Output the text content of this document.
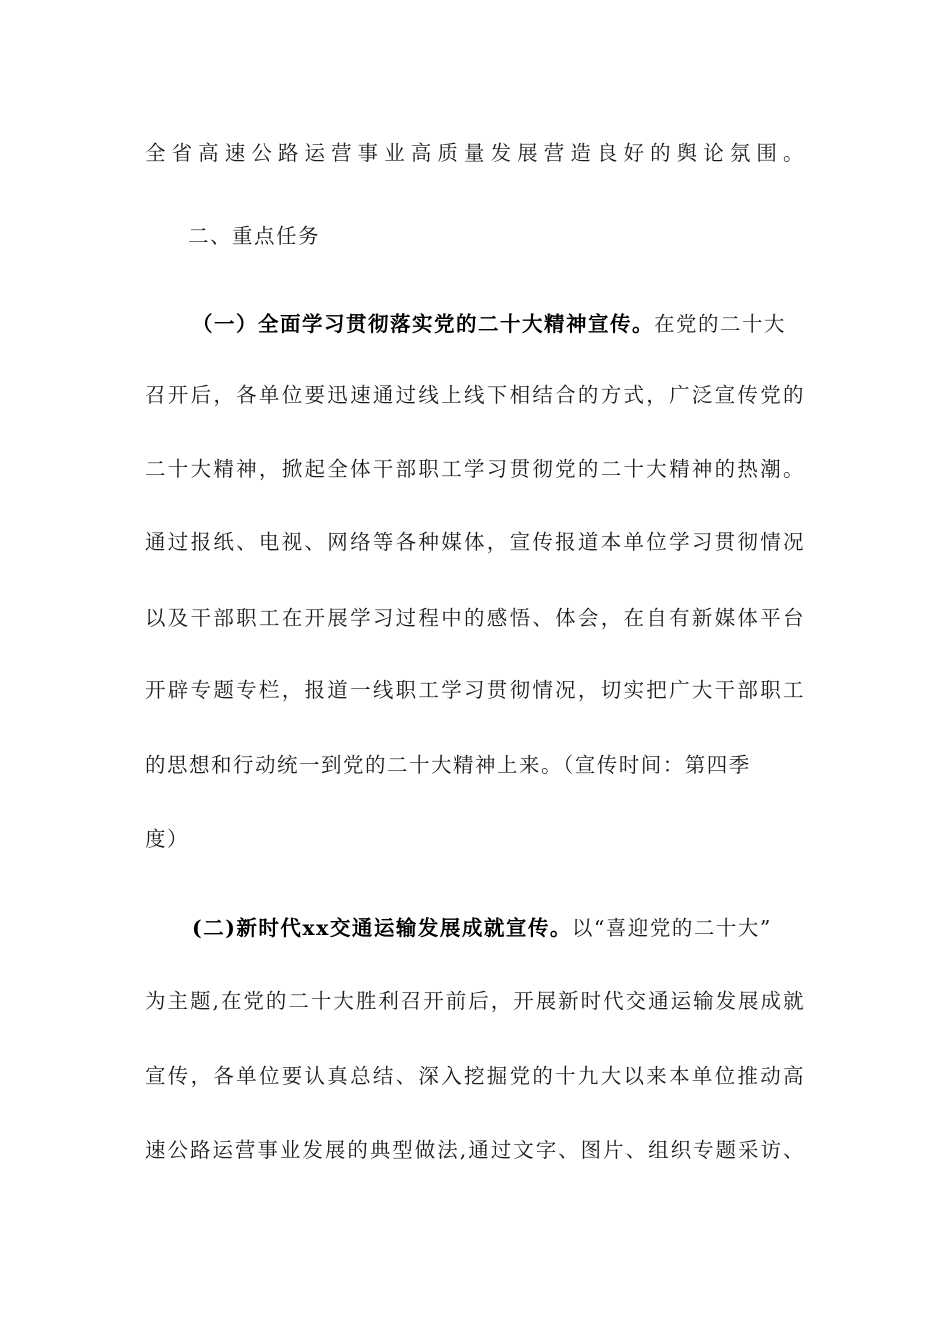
全省高速公路运营事业高质量发展营造良好的舆论氛围。
二、重点任务
（一）全面学习贯彻落实党的二十大精神宣传。在党的二十大
召开后，各单位要迅速通过线上线下相结合的方式，广泛宣传党的
二十大精神，掀起全体干部职工学习贯彻党的二十大精神的热潮。
通过报纸、电视、网络等各种媒体，宣传报道本单位学习贯彻情况
以及干部职工在开展学习过程中的感悟、体会，在自有新媒体平台
开辟专题专栏，报道一线职工学习贯彻情况，切实把广大干部职工
的思想和行动统一到党的二十大精神上来。（宣传时间：第四季
度）
(二)新时代xx交通运输发展成就宣传。以“喜迎党的二十大”
为主题,在党的二十大胜利召开前后，开展新时代交通运输发展成就
宣传，各单位要认真总结、深入挖掘党的十九大以来本单位推动高
速公路运营事业发展的典型做法,通过文字、图片、组织专题采访、
